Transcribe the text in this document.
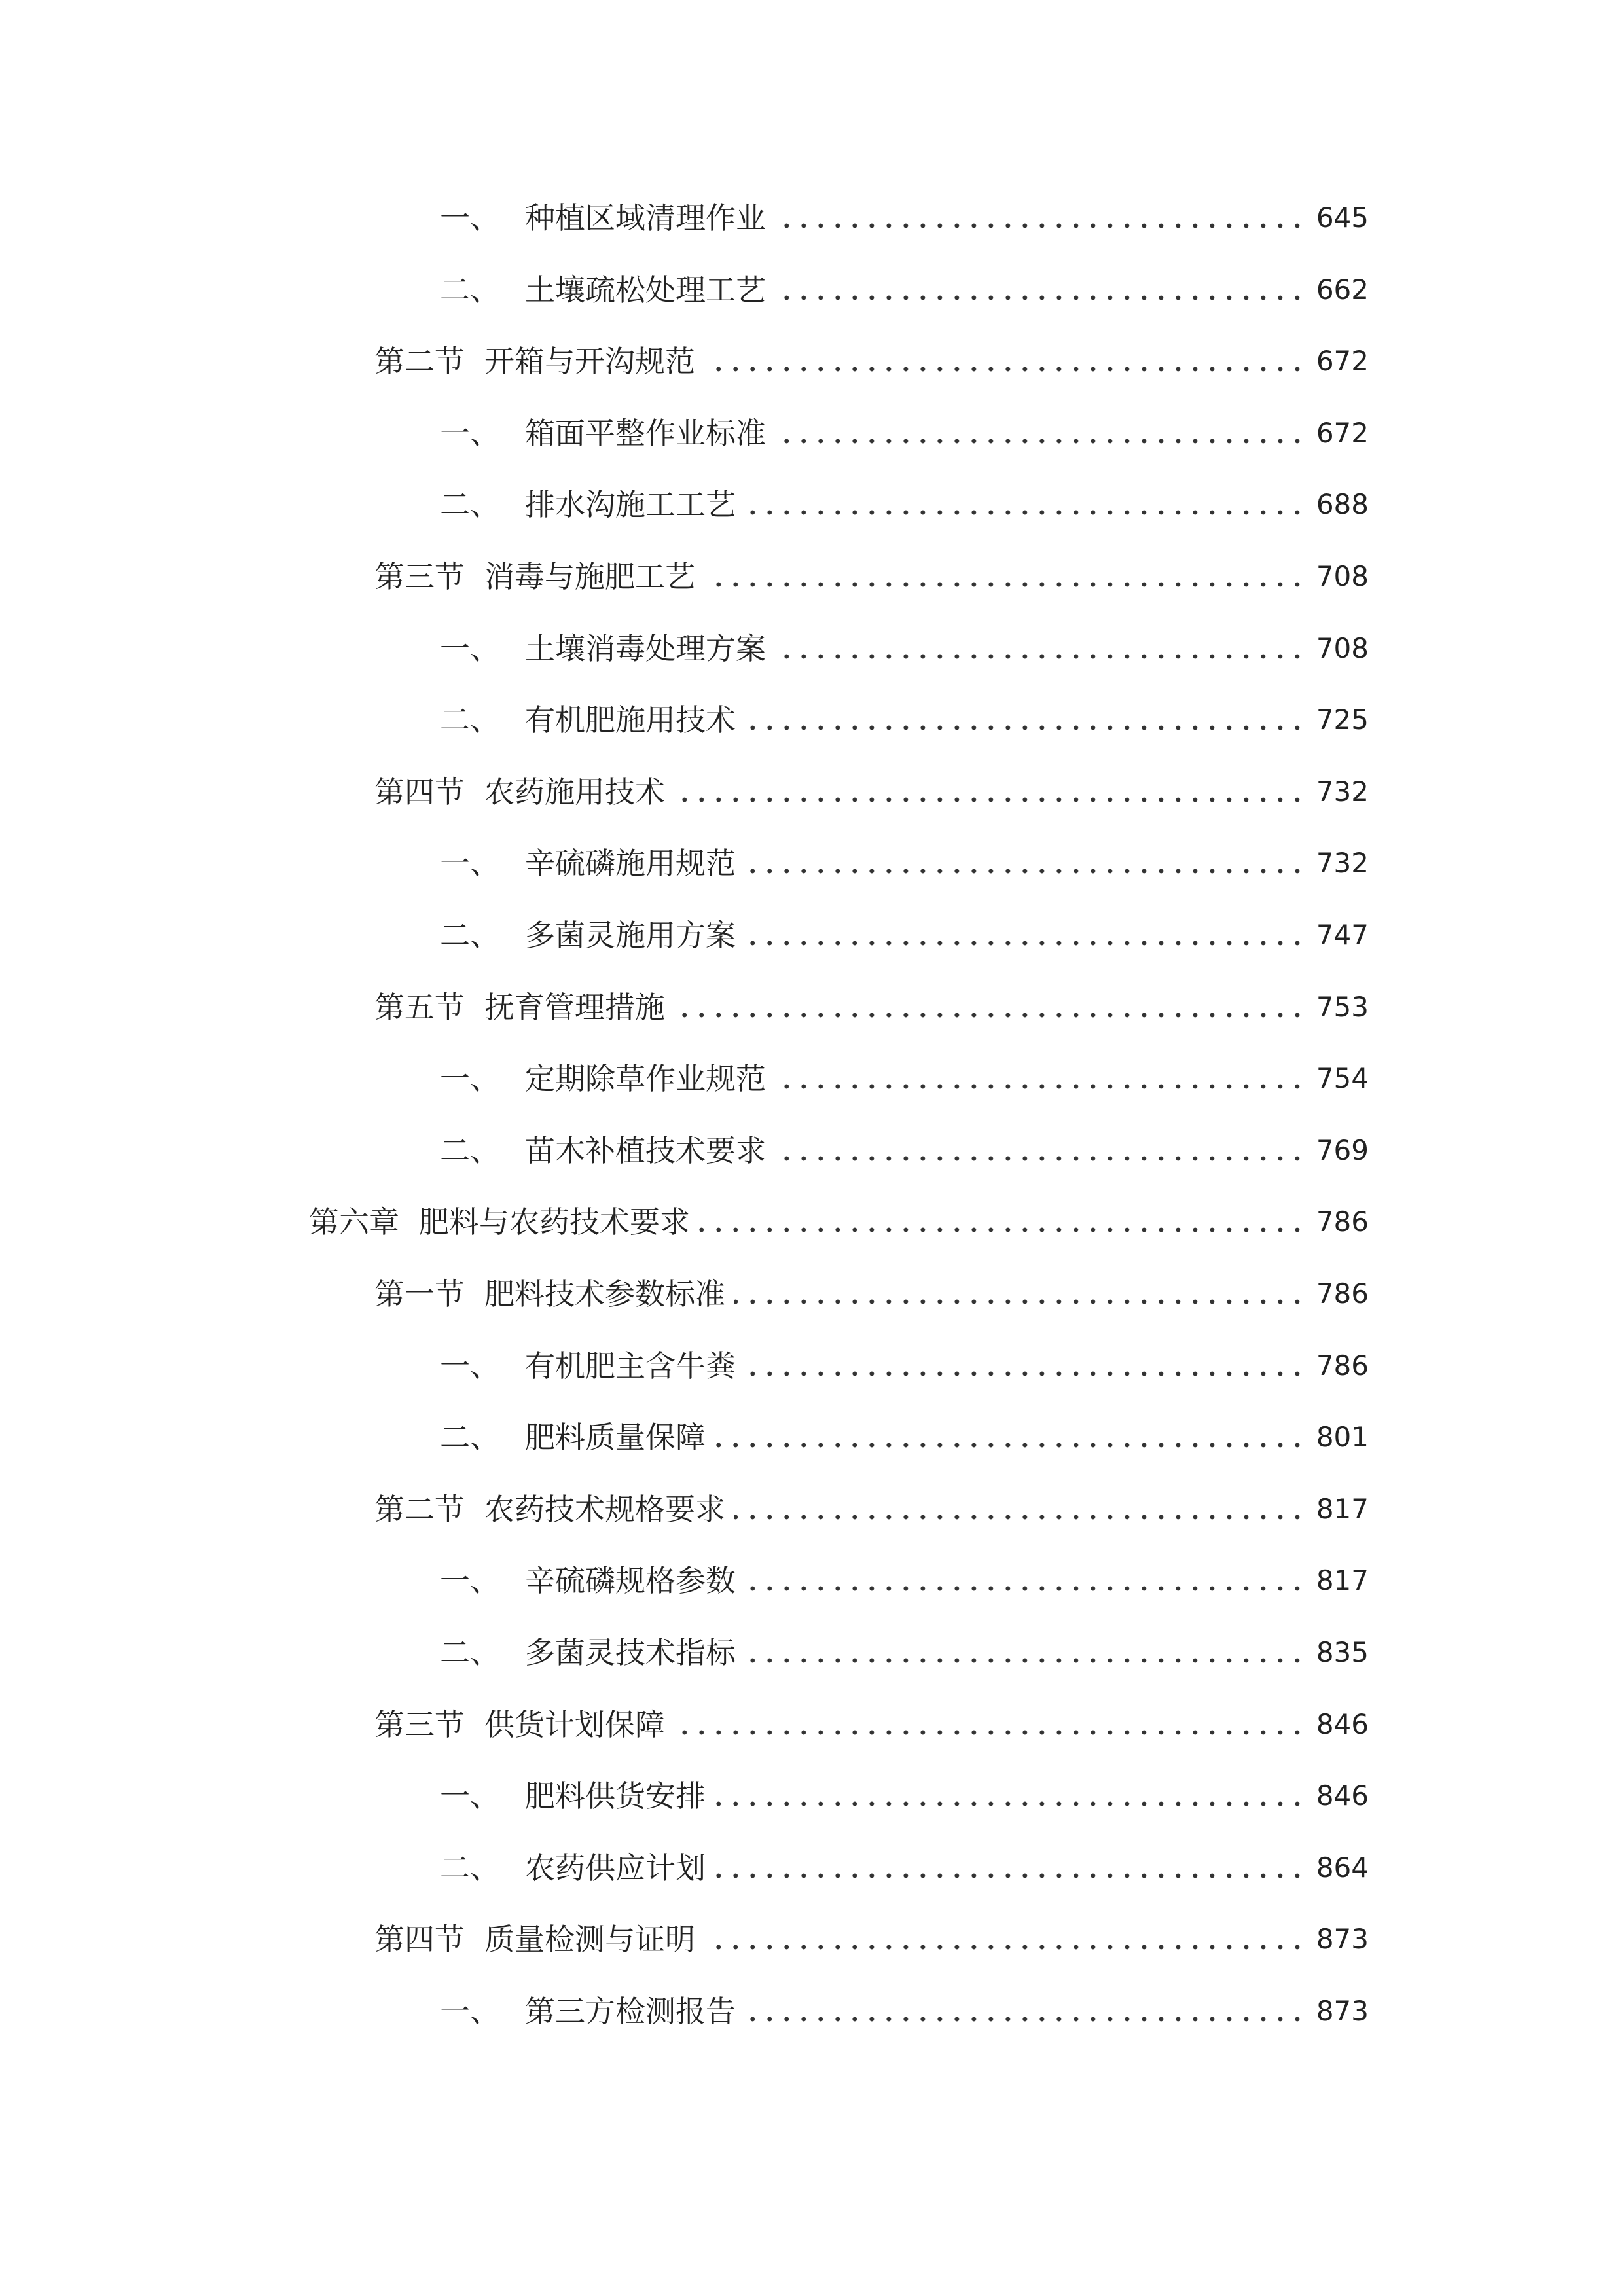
一、 种植区域清理作业	645
二、 土壤疏松处理工艺	662
第二节 开箱与开沟规范	672
一、 箱面平整作业标准	672
二、 排水沟施工工艺	688
第三节 消毒与施肥工艺	708
一、 土壤消毒处理方案	708
二、 有机肥施用技术	725
第四节 农药施用技术	732
一、 辛硫磷施用规范	732
二、 多菌灵施用方案	747
第五节 抚育管理措施	753
一、 定期除草作业规范	754
二、 苗木补植技术要求	769
第六章 肥料与农药技术要求	786
第一节 肥料技术参数标准	786
一、 有机肥主含牛粪	786
二、 肥料质量保障	801
第二节 农药技术规格要求	817
一、 辛硫磷规格参数	817
二、 多菌灵技术指标	835
第三节 供货计划保障	846
一、 肥料供货安排	846
二、 农药供应计划	864
第四节 质量检测与证明	873
一、 第三方检测报告	873
